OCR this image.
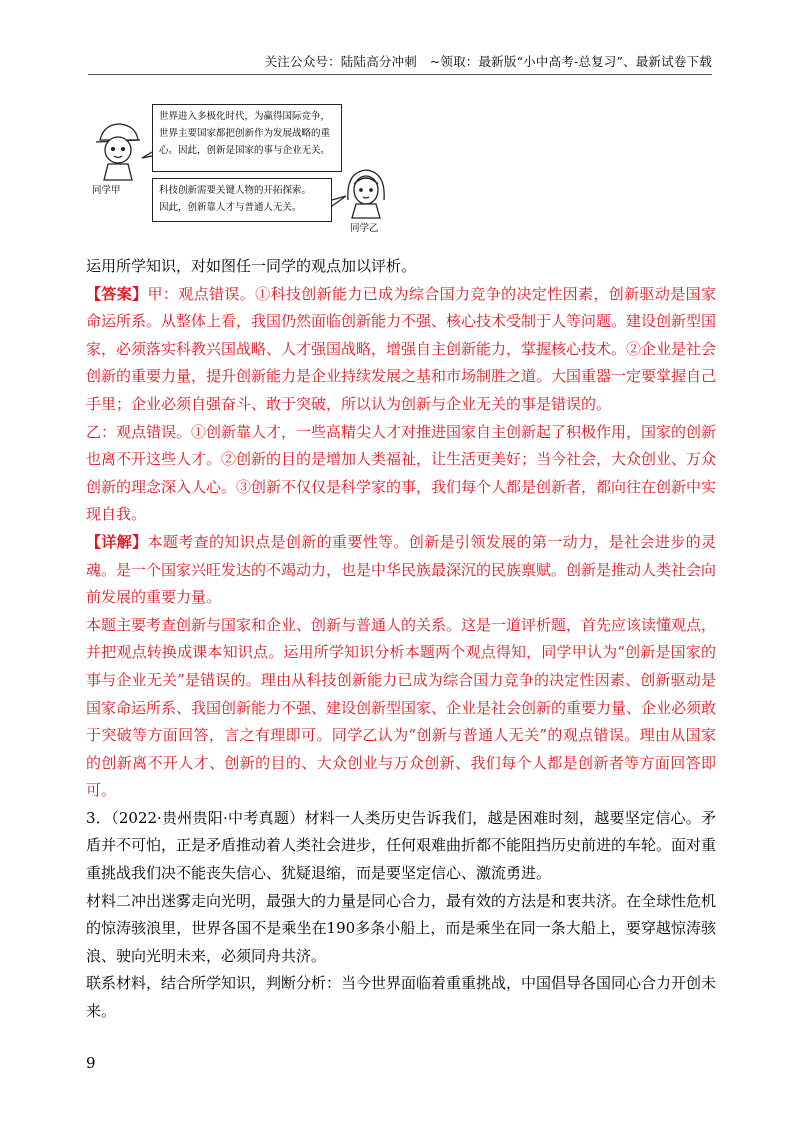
关注公众号：陆陆高分冲刺　~领取：最新版“小中高考-总复习”、最新试卷下载

世界进入多极化时代，为赢得国际竞争，

世界主要国家都把创新作为发展战略的重

心。因此，创新是国家的事与企业无关。

科技创新需要关键人物的开拓探索。

因此，创新靠人才与普通人无关。

同学甲
同学乙

运用所学知识，对如图任一同学的观点加以评析。

【答案】甲：观点错误。①科技创新能力已成为综合国力竞争的决定性因素，创新驱动是国家命运所系。从整体上看，我国仍然面临创新能力不强、核心技术受制于人等问题。建设创新型国家，必须落实科教兴国战略、人才强国战略，增强自主创新能力，掌握核心技术。②企业是社会创新的重要力量，提升创新能力是企业持续发展之基和市场制胜之道。大国重器一定要掌握自己手里；企业必须自强奋斗、敢于突破，所以认为创新与企业无关的事是错误的。

乙：观点错误。①创新靠人才，一些高精尖人才对推进国家自主创新起了积极作用，国家的创新也离不开这些人才。②创新的目的是增加人类福祉，让生活更美好；当今社会，大众创业、万众创新的理念深入人心。③创新不仅仅是科学家的事，我们每个人都是创新者，都向往在创新中实现自我。

【详解】本题考查的知识点是创新的重要性等。创新是引领发展的第一动力，是社会进步的灵魂。是一个国家兴旺发达的不竭动力，也是中华民族最深沉的民族禀赋。创新是推动人类社会向前发展的重要力量。

本题主要考查创新与国家和企业、创新与普通人的关系。这是一道评析题，首先应该读懂观点，并把观点转换成课本知识点。运用所学知识分析本题两个观点得知，同学甲认为“创新是国家的事与企业无关”是错误的。理由从科技创新能力已成为综合国力竞争的决定性因素、创新驱动是国家命运所系、我国创新能力不强、建设创新型国家、企业是社会创新的重要力量、企业必须敢于突破等方面回答，言之有理即可。同学乙认为“创新与普通人无关”的观点错误。理由从国家的创新离不开人才、创新的目的、大众创业与万众创新、我们每个人都是创新者等方面回答即可。

3．（2022·贵州贵阳·中考真题）材料一人类历史告诉我们，越是困难时刻，越要坚定信心。矛盾并不可怕，正是矛盾推动着人类社会进步，任何艰难曲折都不能阻挡历史前进的车轮。面对重重挑战我们决不能丧失信心、犹疑退缩，而是要坚定信心、激流勇进。

材料二冲出迷雾走向光明，最强大的力量是同心合力，最有效的方法是和衷共济。在全球性危机的惊涛骇浪里，世界各国不是乘坐在190多条小船上，而是乘坐在同一条大船上，要穿越惊涛骇浪、驶向光明未来，必须同舟共济。

联系材料，结合所学知识，判断分析：当今世界面临着重重挑战，中国倡导各国同心合力开创未来。

9
